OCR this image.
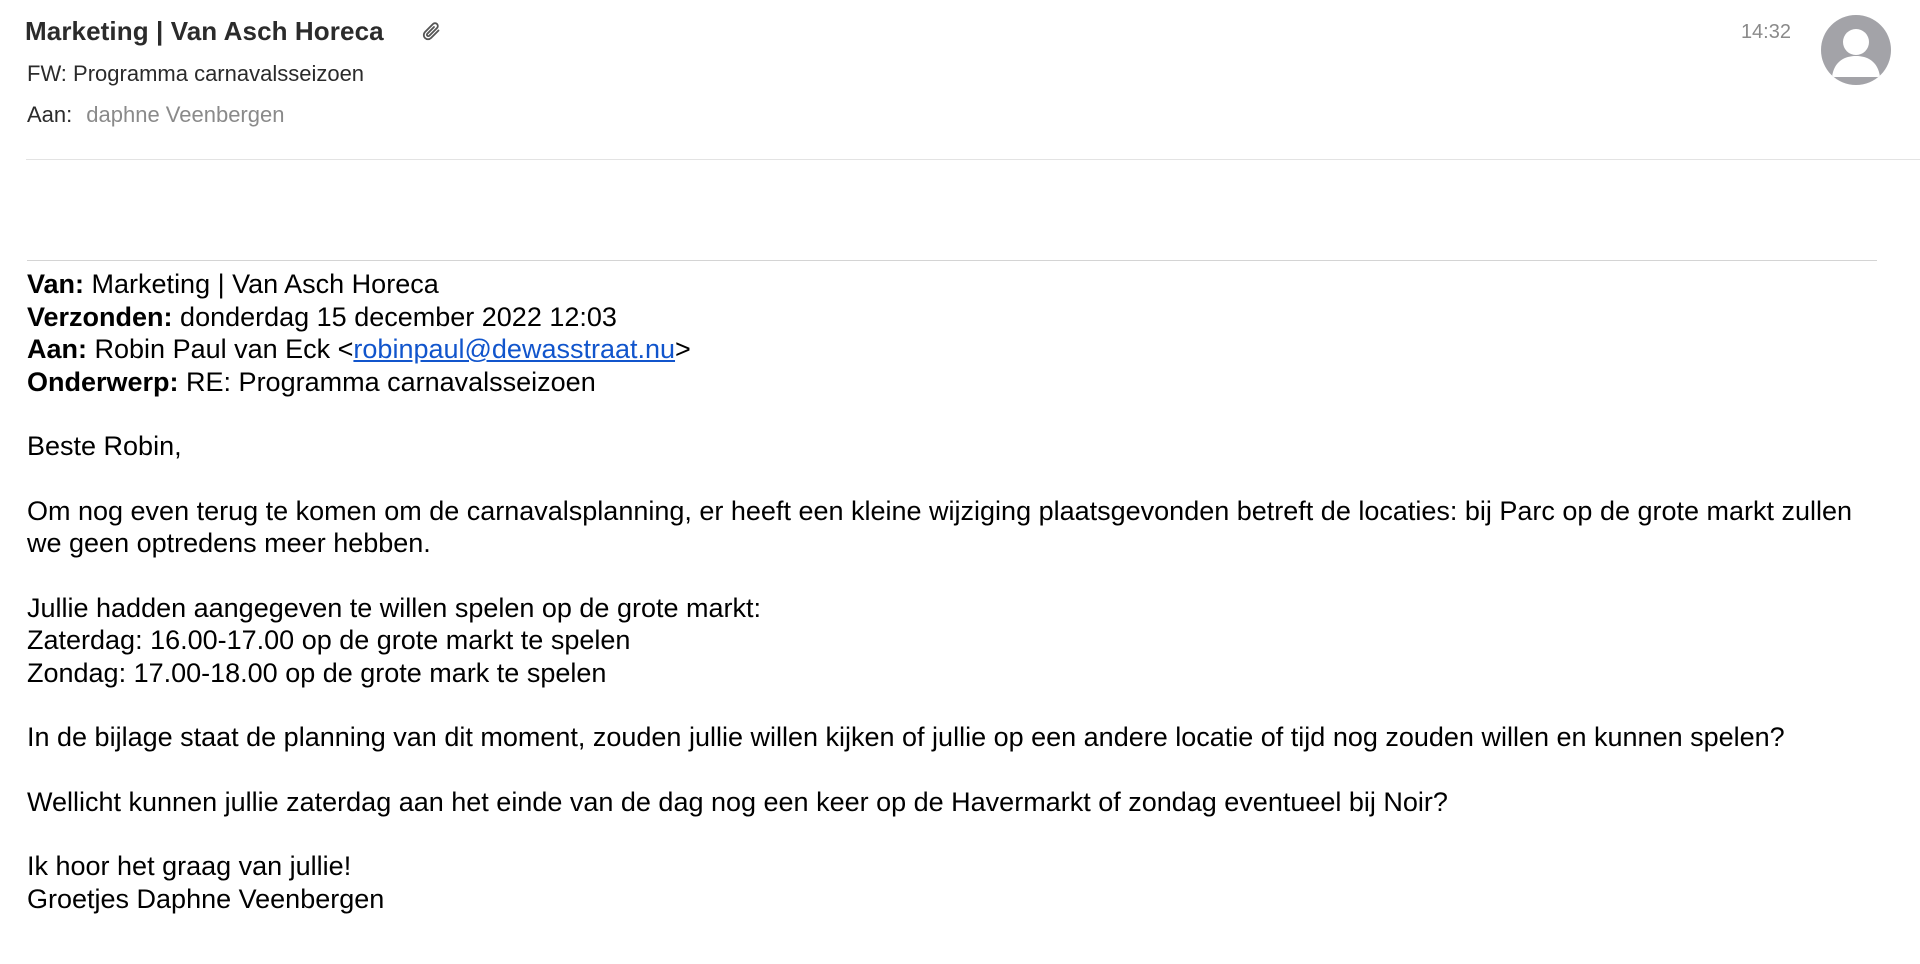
Marketing | Van Asch Horeca
FW: Programma carnavalsseizoen
Aan: daphne Veenbergen
14:32

Van: Marketing | Van Asch Horeca

Verzonden: donderdag 15 december 2022 12:03

Aan: Robin Paul van Eck <robinpaul@dewasstraat.nu>

Onderwerp: RE: Programma carnavalsseizoen

Beste Robin,

Om nog even terug te komen om de carnavalsplanning, er heeft een kleine wijziging plaatsgevonden betreft de locaties: bij Parc op de grote markt zullen we geen optredens meer hebben.

Jullie hadden aangegeven te willen spelen op de grote markt:

Zaterdag: 16.00-17.00 op de grote markt te spelen

Zondag: 17.00-18.00 op de grote mark te spelen

In de bijlage staat de planning van dit moment, zouden jullie willen kijken of jullie op een andere locatie of tijd nog zouden willen en kunnen spelen?

Wellicht kunnen jullie zaterdag aan het einde van de dag nog een keer op de Havermarkt of zondag eventueel bij Noir?

Ik hoor het graag van jullie!

Groetjes Daphne Veenbergen
